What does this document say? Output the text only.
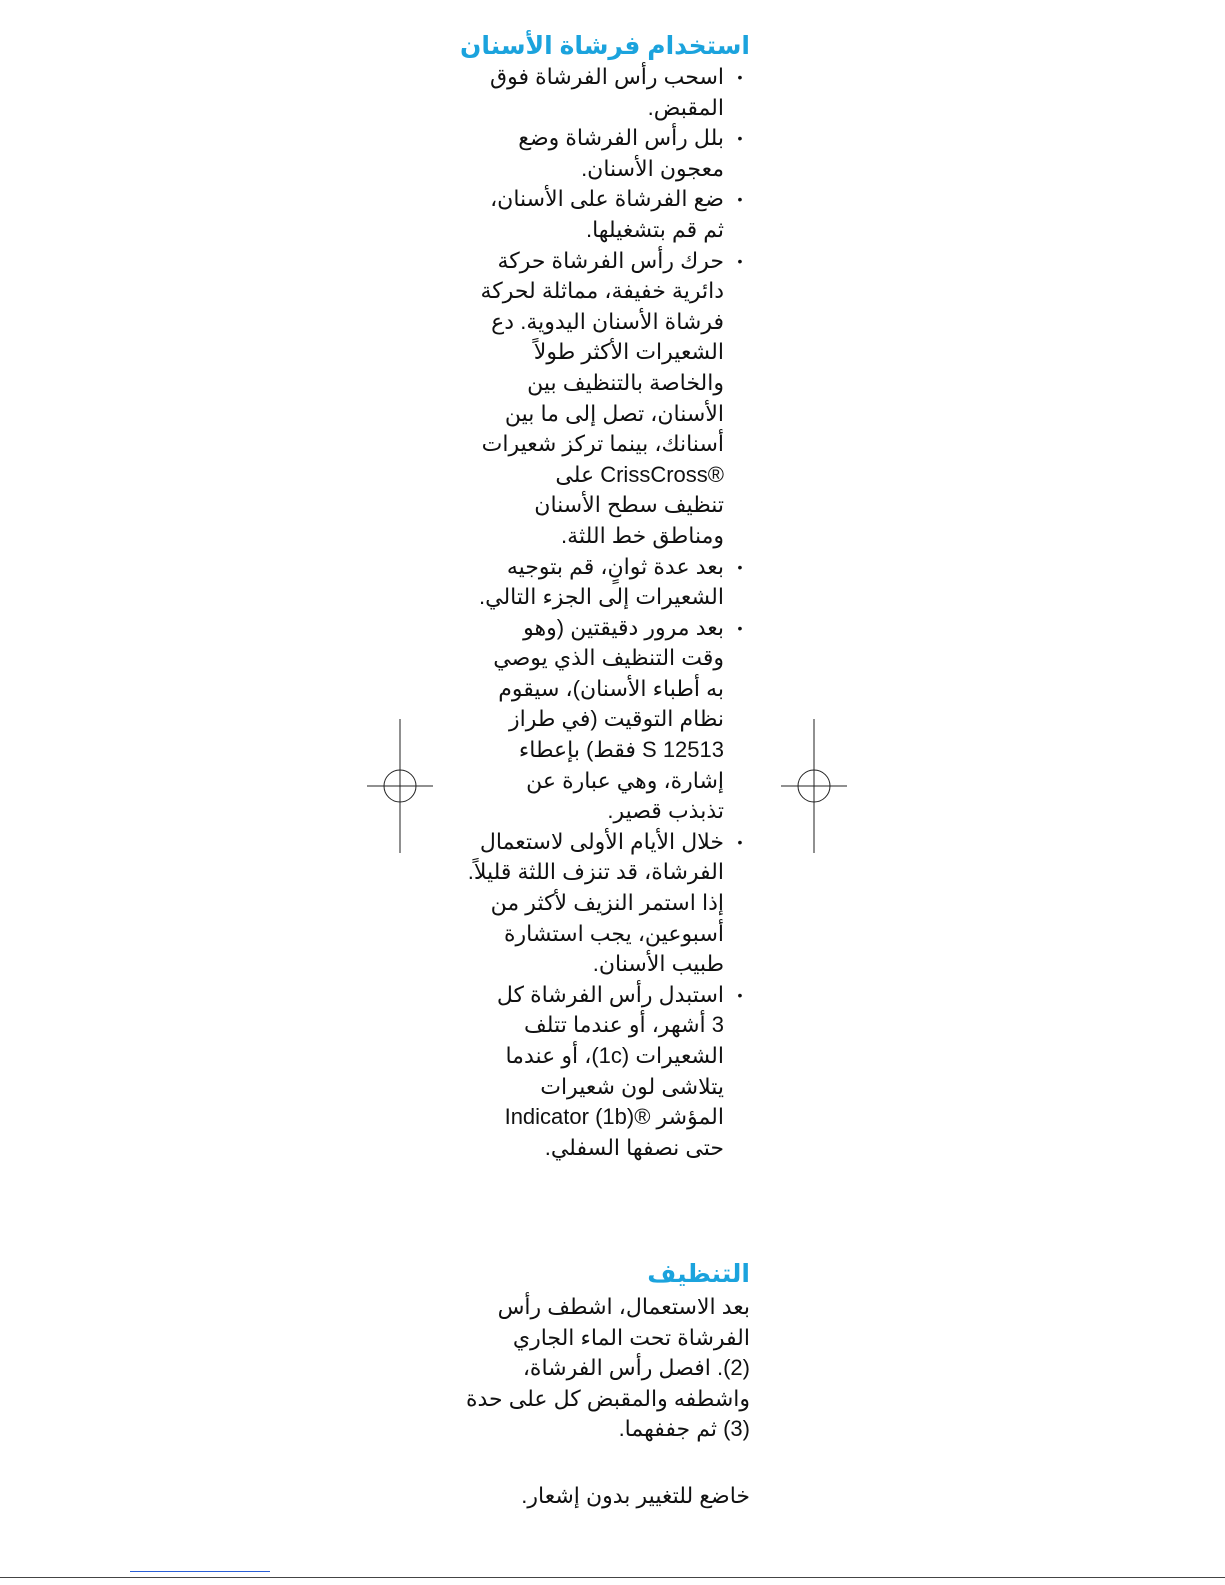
استخدام فرشاة الأسنان
•
اسحب رأس الفرشاة فوق
المقبض.
•
بلل رأس الفرشاة وضع
معجون الأسنان.
•
ضع الفرشاة على الأسنان،
ثم قم بتشغيلها.
•
حرك رأس الفرشاة حركة
دائرية خفيفة، مماثلة لحركة
فرشاة الأسنان اليدوية. دع
الشعيرات الأكثر طولاً
والخاصة بالتنظيف بين
الأسنان، تصل إلى ما بين
أسنانك، بينما تركز شعيرات
®CrissCross على
تنظيف سطح الأسنان
ومناطق خط اللثة.
•
بعد عدة ثوانٍ، قم بتوجيه
الشعيرات إلى الجزء التالي.
•
بعد مرور دقيقتين (وهو
وقت التنظيف الذي يوصي
به أطباء الأسنان)، سيقوم
نظام التوقيت (في طراز
S 12513 فقط) بإعطاء
إشارة، وهي عبارة عن
تذبذب قصير.
•
خلال الأيام الأولى لاستعمال
الفرشاة، قد تنزف اللثة قليلاً.
إذا استمر النزيف لأكثر من
أسبوعين، يجب استشارة
طبيب الأسنان.
•
استبدل رأس الفرشاة كل
3 أشهر، أو عندما تتلف
الشعيرات (1c)، أو عندما
يتلاشى لون شعيرات
المؤشر ®Indicator (1b)
حتى نصفها السفلي.
التنظيف
بعد الاستعمال، اشطف رأس
الفرشاة تحت الماء الجاري
(2). افصل رأس الفرشاة،
واشطفه والمقبض كل على حدة
(3) ثم جففهما.
خاضع للتغيير بدون إشعار.
